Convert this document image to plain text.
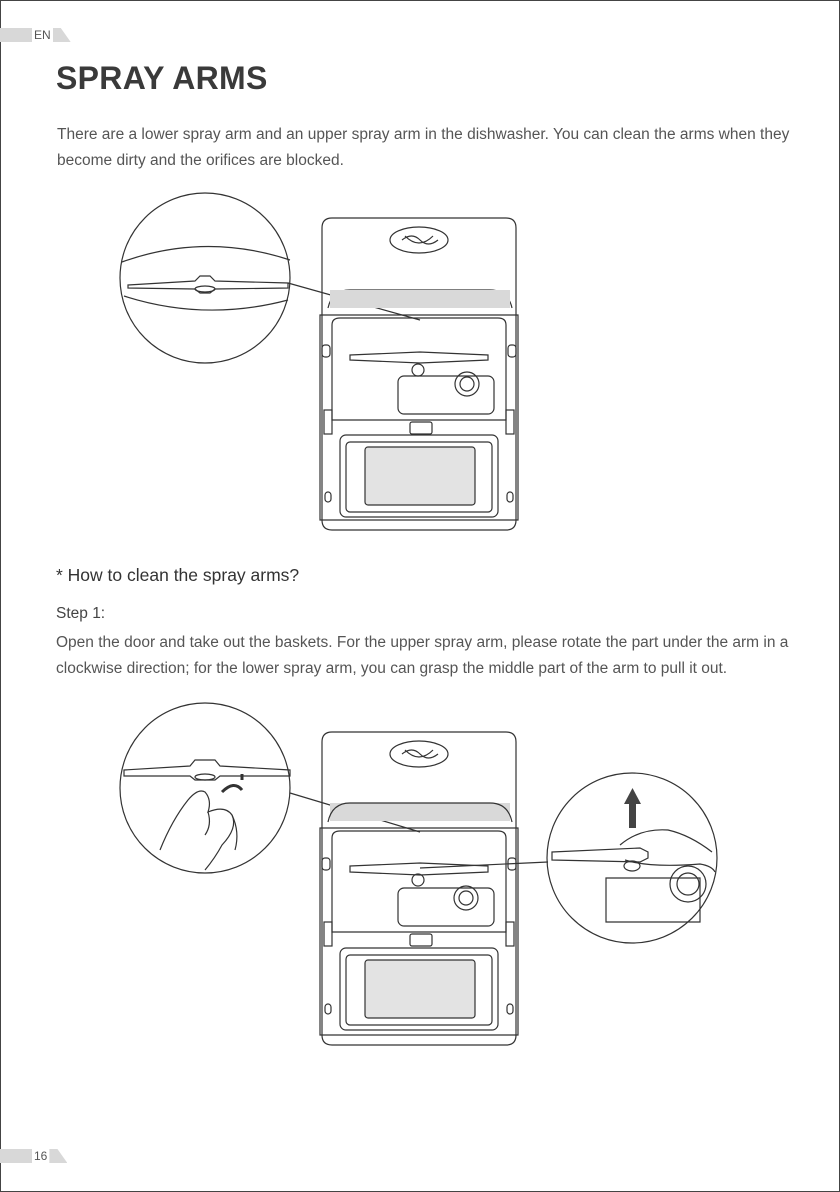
EN
SPRAY ARMS

There are a lower spray arm and an upper spray arm in the dishwasher. You can clean the arms when they become dirty and the orifices are blocked.

* How to clean the spray arms?

Step 1:

Open the door and take out the baskets. For the upper spray arm, please rotate the part under the arm in a clockwise direction; for the lower spray arm, you can grasp the middle part of the arm to pull it out.

16
